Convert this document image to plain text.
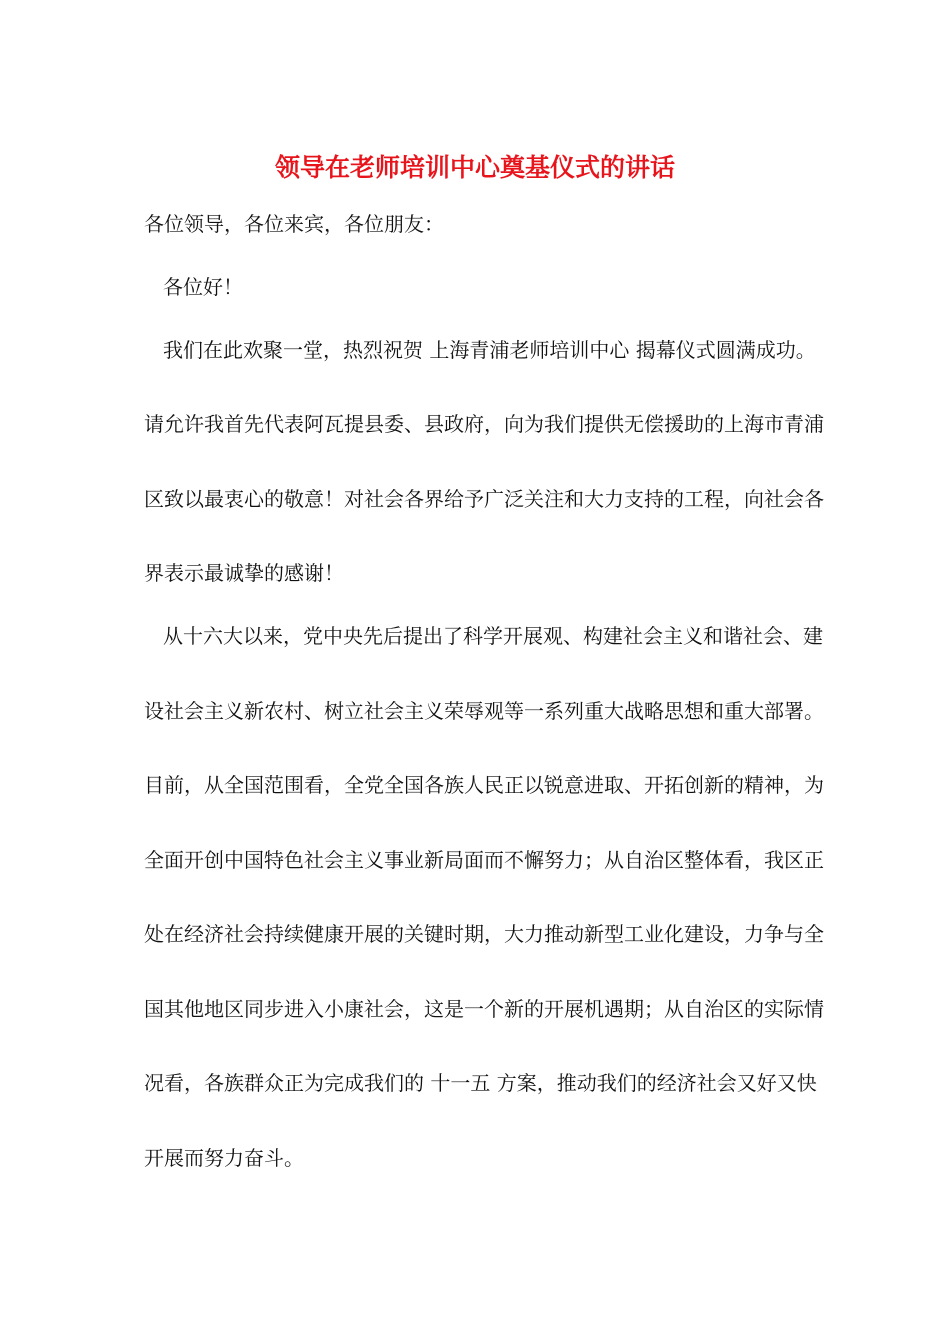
领导在老师培训中心奠基仪式的讲话

各位领导，各位来宾，各位朋友：

各位好！

我们在此欢聚一堂，热烈祝贺 上海青浦老师培训中心 揭幕仪式圆满成功。

请允许我首先代表阿瓦提县委、县政府，向为我们提供无偿援助的上海市青浦

区致以最衷心的敬意！对社会各界给予广泛关注和大力支持的工程，向社会各

界表示最诚挚的感谢！

从十六大以来，党中央先后提出了科学开展观、构建社会主义和谐社会、建

设社会主义新农村、树立社会主义荣辱观等一系列重大战略思想和重大部署。

目前，从全国范围看，全党全国各族人民正以锐意进取、开拓创新的精神，为

全面开创中国特色社会主义事业新局面而不懈努力；从自治区整体看，我区正

处在经济社会持续健康开展的关键时期，大力推动新型工业化建设，力争与全

国其他地区同步进入小康社会，这是一个新的开展机遇期；从自治区的实际情

况看，各族群众正为完成我们的 十一五 方案，推动我们的经济社会又好又快

开展而努力奋斗。
